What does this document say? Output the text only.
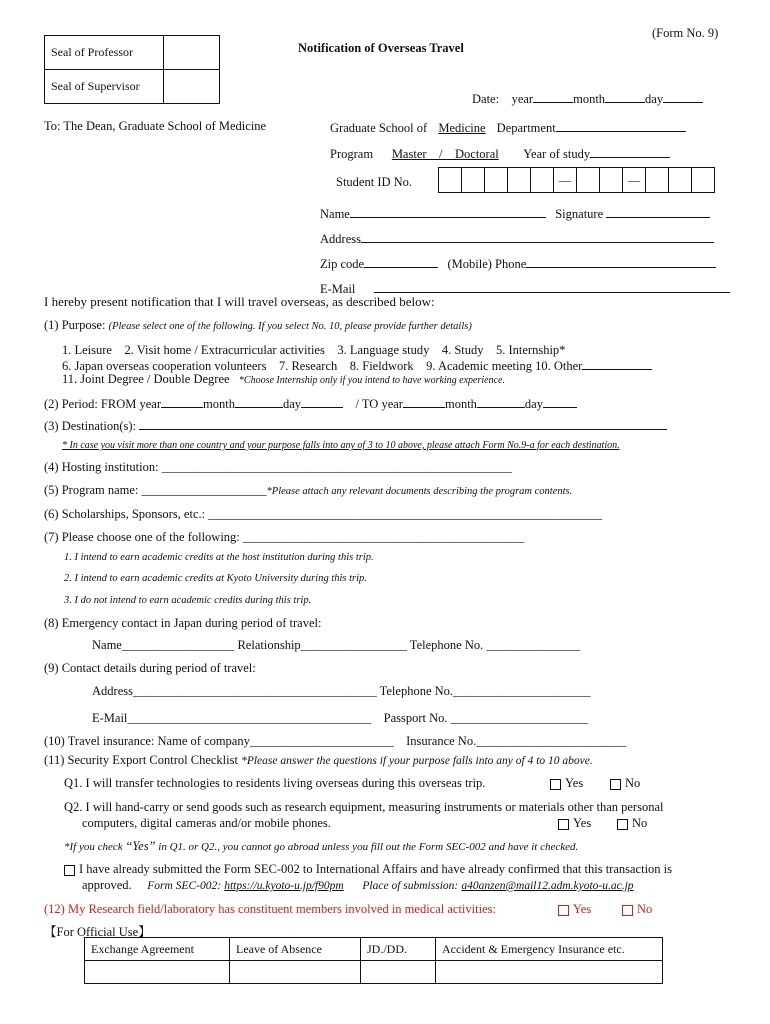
Seal of Professor	
Seal of Supervisor	
(Form No. 9)
Notification of Overseas Travel
Date: year	month	day
To: The Dean, Graduate School of Medicine	Graduate School of Medicine Department
Program Master　/　Doctoral Year of study
Student ID No.
						—			—			
Name	Signature
Address
Zip code	(Mobile) Phone
E-Mail
I hereby present notification that I will travel overseas, as described below:
(1) Purpose: (Please select one of the following. If you select No. 10, please provide further details)
1. Leisure　2. Visit home / Extracurricular activities　3. Language study　4. Study　5. Internship*
6. Japan overseas cooperation volunteers　7. Research　8. Fieldwork　9. Academic meeting 10. Other
11. Joint Degree / Double Degree *Choose Internship only if you intend to have working experience.
(2) Period: FROM year	month	day	/ TO year	month	day
(3) Destination(s):
* In case you visit more than one country and your purpose falls into any of 3 to 10 above, please attach Form No.9-a for each destination.
(4) Hosting institution: ________________________________________________________
(5) Program name: ____________________*Please attach any relevant documents describing the program contents.
(6) Scholarships, Sponsors, etc.: _______________________________________________________________
(7) Please choose one of the following: _____________________________________________
1. I intend to earn academic credits at the host institution during this trip.
2. I intend to earn academic credits at Kyoto University during this trip.
3. I do not intend to earn academic credits during this trip.
(8) Emergency contact in Japan during period of travel:
Name__________________ Relationship_________________ Telephone No. _______________
(9) Contact details during period of travel:
Address_______________________________________ Telephone No.______________________
E-Mail_______________________________________　Passport No. ______________________
(10) Travel insurance: Name of company_______________________　Insurance No.________________________
(11) Security Export Control Checklist *Please answer the questions if your purpose falls into any of 4 to 10 above.
Q1. I will transfer technologies to residents living overseas during this overseas trip.	Yes	No
Q2. I will hand-carry or send goods such as research equipment, measuring instruments or materials other than personal
computers, digital cameras and/or mobile phones.	Yes	No
*If you check “Yes” in Q1. or Q2., you cannot go abroad unless you fill out the Form SEC-002 and have it checked.
I have already submitted the Form SEC-002 to International Affairs and have already confirmed that this transaction is
approved. Form SEC-002: https://u.kyoto-u.jp/f90pm Place of submission: a40anzen@mail12.adm.kyoto-u.ac.jp
(12) My Research field/laboratory has constituent members involved in medical activities:	Yes	No
【For Official Use】
Exchange Agreement	Leave of Absence	JD./DD.	Accident & Emergency Insurance etc.
